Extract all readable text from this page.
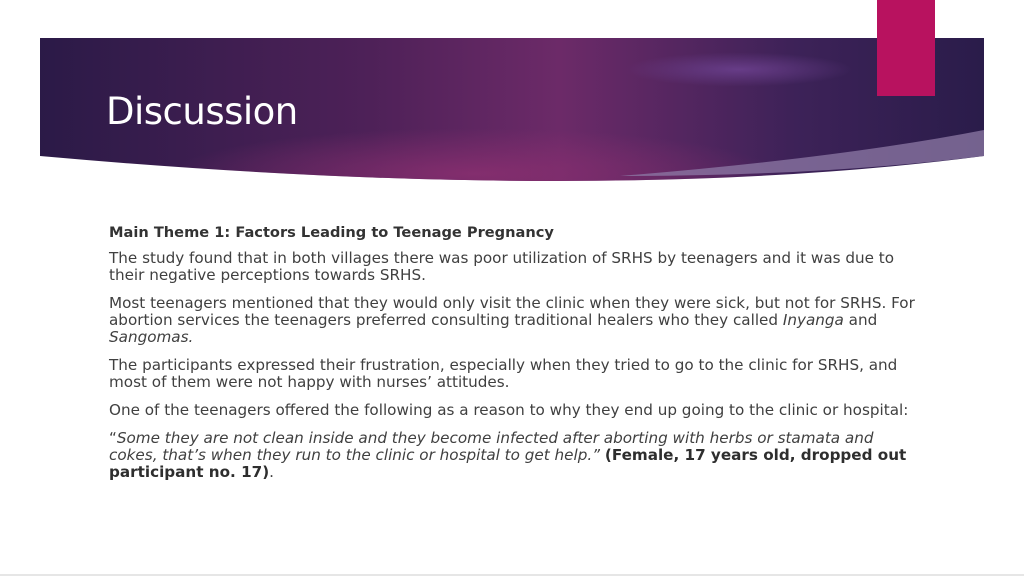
Discussion

Main Theme 1: Factors Leading to Teenage Pregnancy

The study found that in both villages there was poor utilization of SRHS by teenagers and it was due to their negative perceptions towards SRHS.

Most teenagers mentioned that they would only visit the clinic when they were sick, but not for SRHS. For abortion services the teenagers preferred consulting traditional healers who they called Inyanga and Sangomas.

The participants expressed their frustration, especially when they tried to go to the clinic for SRHS, and most of them were not happy with nurses’ attitudes.

One of the teenagers offered the following as a reason to why they end up going to the clinic or hospital:

“Some they are not clean inside and they become infected after aborting with herbs or stamata and cokes, that’s when they run to the clinic or hospital to get help.” (Female, 17 years old, dropped out participant no. 17).
